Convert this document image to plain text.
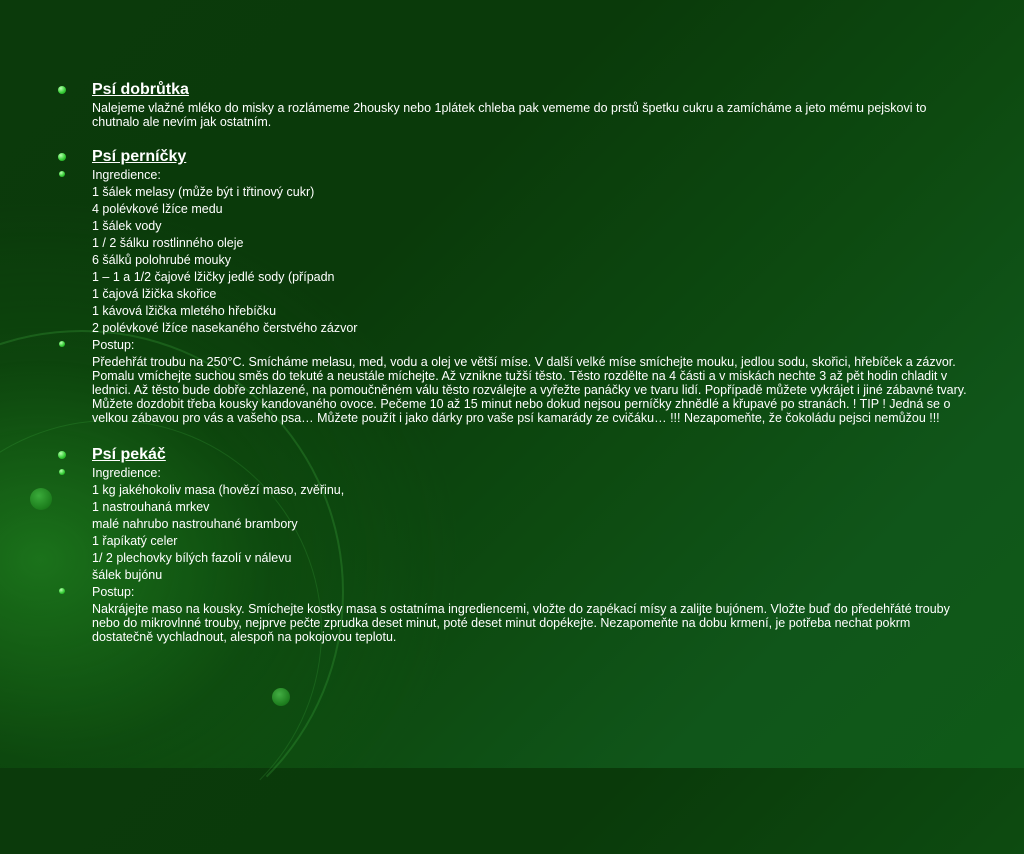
Psí dobrůtka
Nalejeme vlažné mléko do misky a rozlámeme 2housky nebo 1plátek chleba pak vememe do prstů špetku cukru a zamícháme a jeto mému pejskovi to chutnalo ale nevím jak ostatním.
Psí perníčky
Ingredience:
1 šálek melasy (může být i třtinový cukr)
4 polévkové lžíce medu
1 šálek vody
1 / 2 šálku rostlinného oleje
6 šálků polohrubé mouky
1 – 1 a 1/2 čajové lžičky jedlé sody (případn
1 čajová lžička skořice
1 kávová lžička mletého hřebíčku
2 polévkové lžíce nasekaného čerstvého zázvor
Postup:
Předehřát troubu na 250°C. Smícháme melasu, med, vodu a olej ve větší míse. V další velké míse smíchejte mouku, jedlou sodu, skořici, hřebíček a zázvor. Pomalu vmíchejte suchou směs do tekuté a neustále míchejte. Až vznikne tužší těsto. Těsto rozdělte na 4 části a v miskách nechte 3 až pět hodin chladit v lednici. Až těsto bude dobře zchlazené, na pomoučněném válu těsto rozválejte a vyřežte panáčky ve tvaru lidí. Popřípadě můžete vykrájet i jiné zábavné tvary. Můžete dozdobit třeba kousky kandovaného ovoce. Pečeme 10 až 15 minut nebo dokud nejsou perníčky zhnědlé a křupavé po stranách. ! TIP ! Jedná se o velkou zábavou pro vás a vašeho psa… Můžete použít i jako dárky pro vaše psí kamarády ze cvičáku… !!! Nezapomeňte, že čokoládu pejsci nemůžou !!!
Psí pekáč
Ingredience:
1 kg jakéhokoliv masa (hovězí maso, zvěřinu,
1 nastrouhaná mrkev
malé nahrubo nastrouhané brambory
1 řapíkatý celer
1/ 2 plechovky bílých fazolí v nálevu
šálek bujónu
Postup:
Nakrájejte maso na kousky. Smíchejte kostky masa s ostatníma ingrediencemi, vložte do zapékací mísy a zalijte bujónem. Vložte buď do předehřáté trouby nebo do mikrovlnné trouby, nejprve pečte zprudka deset minut, poté deset minut dopékejte. Nezapomeňte na dobu krmení, je potřeba nechat pokrm dostatečně vychladnout, alespoň na pokojovou teplotu.
